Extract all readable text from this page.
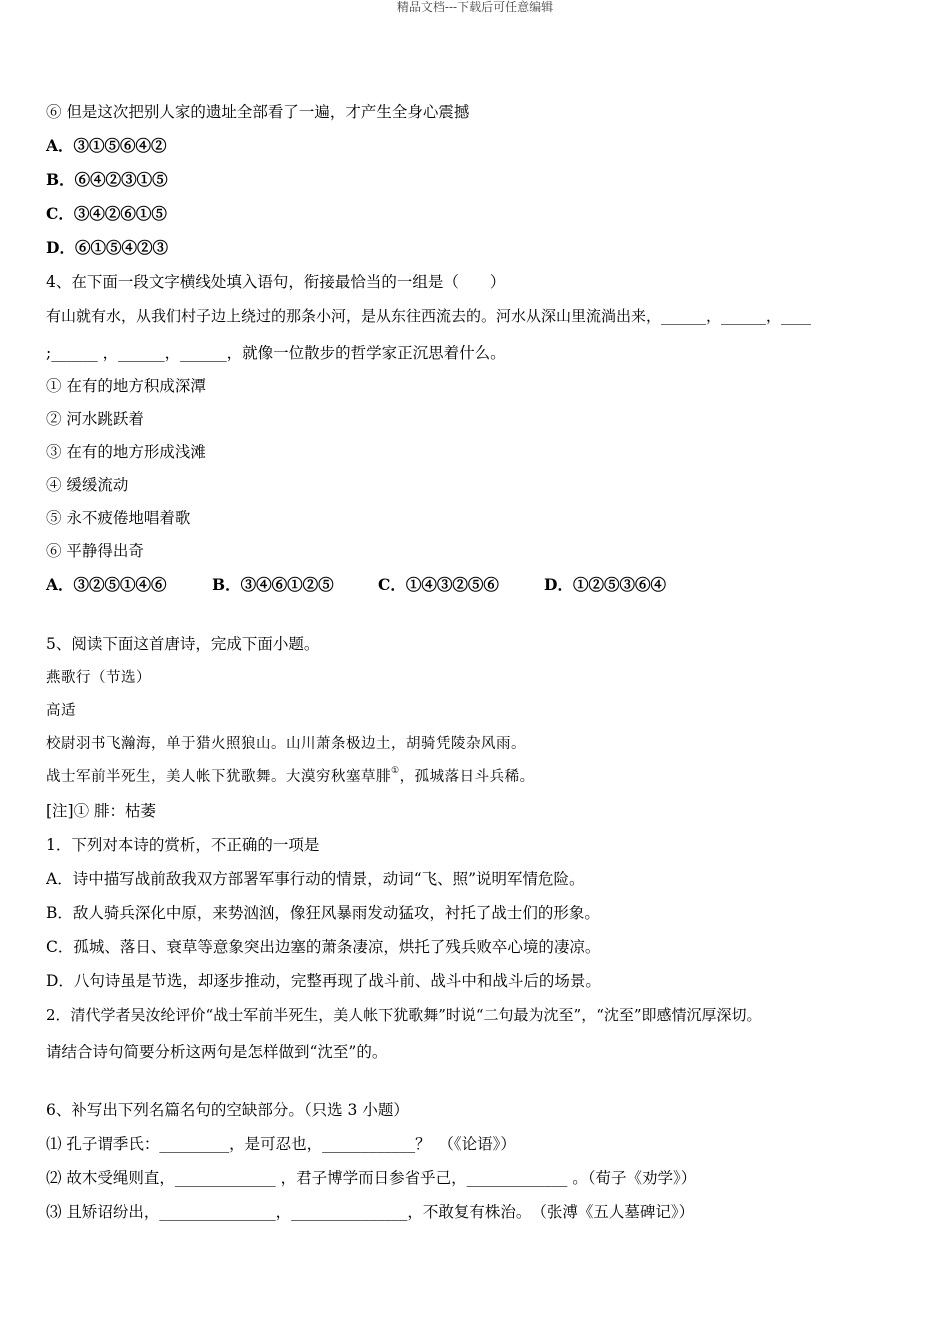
精品文档---下载后可任意编辑
⑥ 但是这次把别人家的遗址全部看了一遍，才产生全身心震撼
A．③①⑤⑥④②
B．⑥④②③①⑤
C．③④②⑥①⑤
D．⑥①⑤④②③
4、在下面一段文字横线处填入语句，衔接最恰当的一组是（　　）
有山就有水，从我们村子边上绕过的那条小河，是从东往西流去的。河水从深山里流淌出来，______，______，____
;______ ，______，______，就像一位散步的哲学家正沉思着什么。
① 在有的地方积成深潭
② 河水跳跃着
③ 在有的地方形成浅滩
④ 缓缓流动
⑤ 永不疲倦地唱着歌
⑥ 平静得出奇
A．③②⑤①④⑥	B．③④⑥①②⑤	C．①④③②⑤⑥	D．①②⑤③⑥④
5、阅读下面这首唐诗，完成下面小题。
燕歌行（节选）
高适
校尉羽书飞瀚海，单于猎火照狼山。山川萧条极边土，胡骑凭陵杂风雨。
战士军前半死生，美人帐下犹歌舞。大漠穷秋塞草腓①，孤城落日斗兵稀。
[注]① 腓：枯萎
1．下列对本诗的赏析，不正确的一项是
A．诗中描写战前敌我双方部署军事行动的情景，动词“飞、照”说明军情危险。
B．敌人骑兵深化中原，来势汹汹，像狂风暴雨发动猛攻，衬托了战士们的形象。
C．孤城、落日、衰草等意象突出边塞的萧条凄凉，烘托了残兵败卒心境的凄凉。
D．八句诗虽是节选，却逐步推动，完整再现了战斗前、战斗中和战斗后的场景。
2．清代学者吴汝纶评价“战士军前半死生，美人帐下犹歌舞”时说“二句最为沈至”，“沈至”即感情沉厚深切。
请结合诗句简要分析这两句是怎样做到“沈至”的。
6、补写出下列名篇名句的空缺部分。（只选 3 小题）
⑴ 孔子谓季氏：_________，是可忍也，____________？　（《论语》）
⑵ 故木受绳则直，_____________ ，君子博学而日参省乎己，_____________ 。（荀子《劝学》）
⑶ 且矫诏纷出，_______________，_______________，不敢复有株治。　（张溥《五人墓碑记》）
